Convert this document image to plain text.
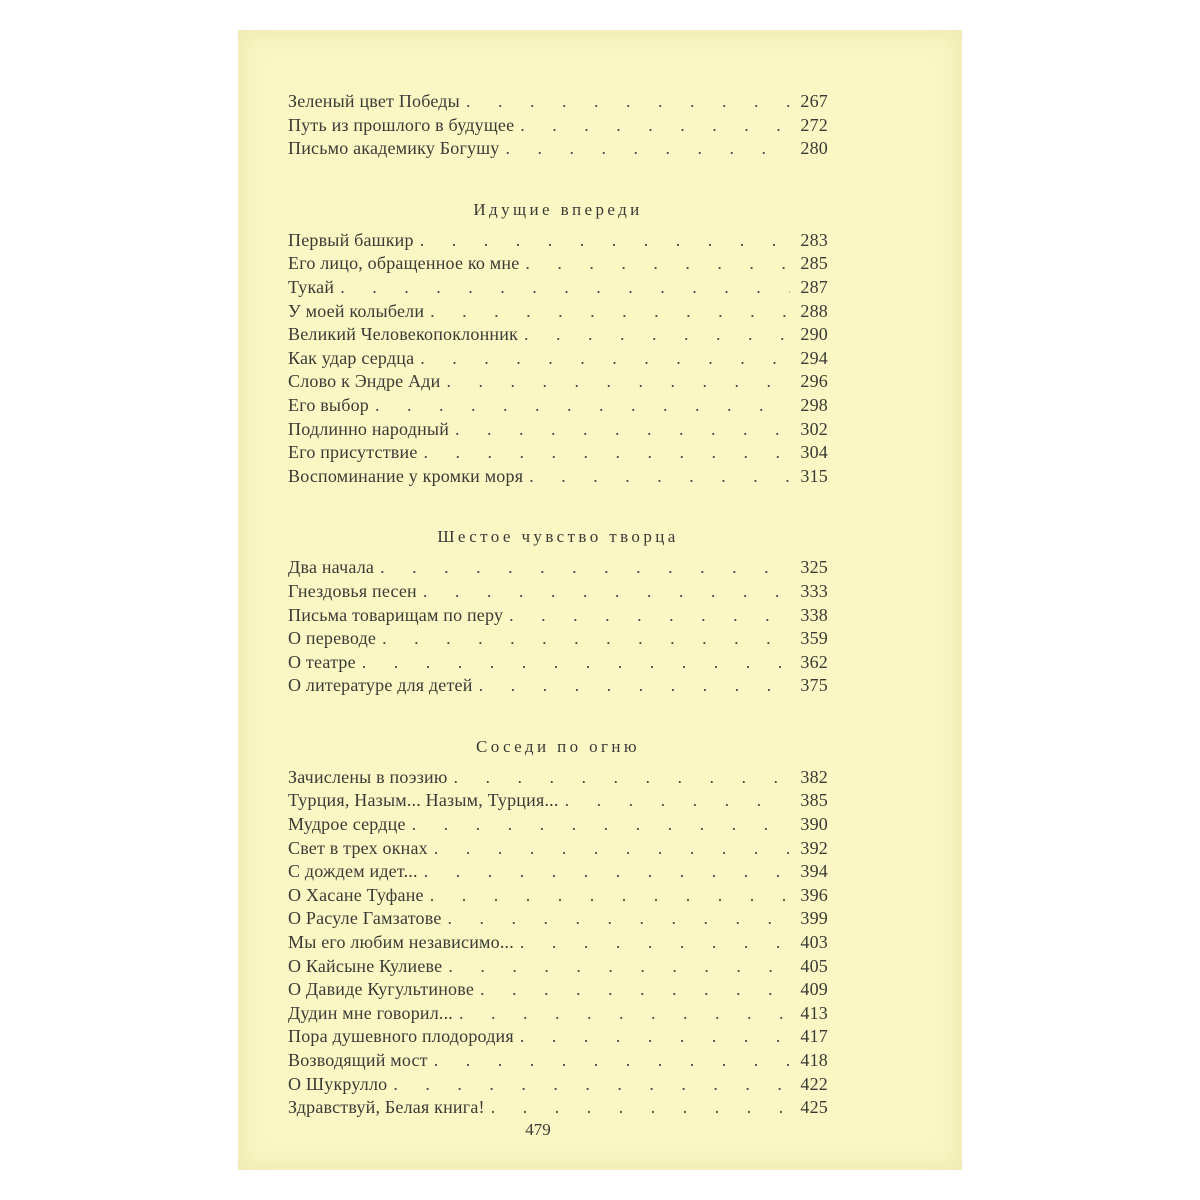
Зеленый цвет Победы . . .	267
Путь из прошлого в будущее . . .	272
Письмо академику Богушу . . .	280
Идущие впереди
Первый башкир . . .	283
Его лицо, обращенное ко мне . . .	285
Тукай . . .	287
У моей колыбели . . .	288
Великий Человекопоклонник . . .	290
Как удар сердца . . .	294
Слово к Эндре Ади . . .	296
Его выбор . . .	298
Подлинно народный . . .	302
Его присутствие . . .	304
Воспоминание у кромки моря . . .	315
Шестое чувство творца
Два начала . . .	325
Гнездовья песен . . .	333
Письма товарищам по перу . . .	338
О переводе . . .	359
О театре . . .	362
О литературе для детей . . .	375
Соседи по огню
Зачислены в поэзию . . .	382
Турция, Назым... Назым, Турция... . . .	385
Мудрое сердце . . .	390
Свет в трех окнах . . .	392
С дождем идет... . . .	394
О Хасане Туфане . . .	396
О Расуле Гамзатове . . .	399
Мы его любим независимо... . . .	403
О Кайсыне Кулиеве . . .	405
О Давиде Кугультинове . . .	409
Дудин мне говорил... . . .	413
Пора душевного плодородия . . .	417
Возводящий мост . . .	418
О Шукрулло . . .	422
Здравствуй, Белая книга! . . .	425
479
